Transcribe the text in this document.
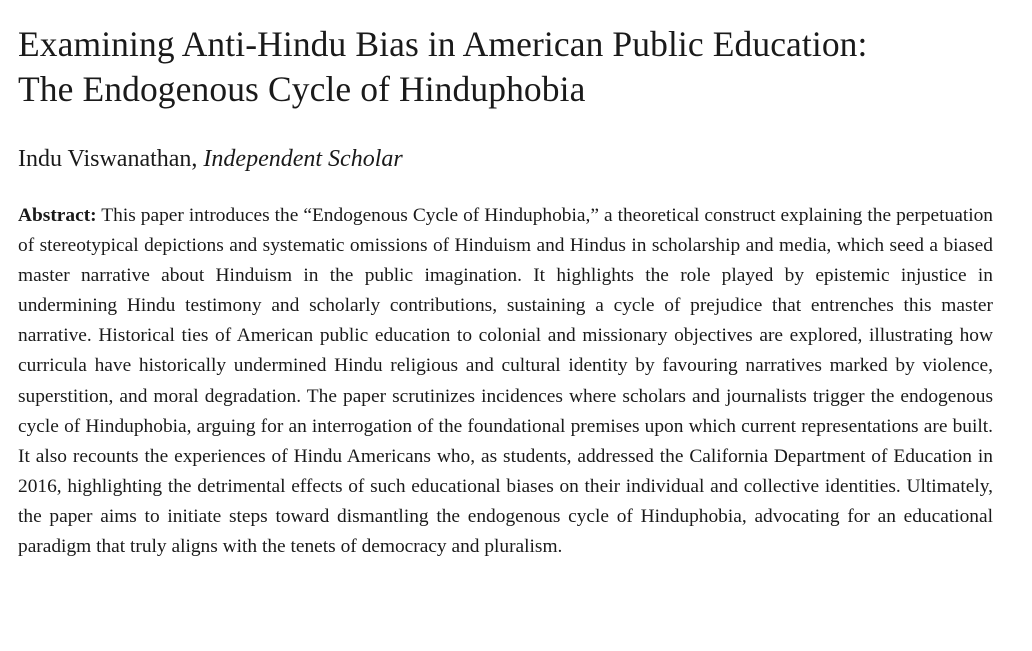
Examining Anti-Hindu Bias in American Public Education:
The Endogenous Cycle of Hinduphobia
Indu Viswanathan, Independent Scholar

Abstract: This paper introduces the “Endogenous Cycle of Hinduphobia,” a theoretical construct explaining the perpetuation of stereotypical depictions and systematic omissions of Hinduism and Hindus in scholarship and media, which seed a biased master narrative about Hinduism in the public imagination. It highlights the role played by epistemic injustice in undermining Hindu testimony and scholarly contributions, sustaining a cycle of prejudice that entrenches this master narrative. Historical ties of American public education to colonial and missionary objectives are explored, illustrating how curricula have historically undermined Hindu religious and cultural identity by favouring narratives marked by violence, superstition, and moral degradation. The paper scrutinizes incidences where scholars and journalists trigger the endogenous cycle of Hinduphobia, arguing for an interrogation of the foundational premises upon which current representations are built. It also recounts the experiences of Hindu Americans who, as students, addressed the California Department of Education in 2016, highlighting the detrimental effects of such educational biases on their individual and collective identities. Ultimately, the paper aims to initiate steps toward dismantling the endogenous cycle of Hinduphobia, advocating for an educational paradigm that truly aligns with the tenets of democracy and pluralism.
